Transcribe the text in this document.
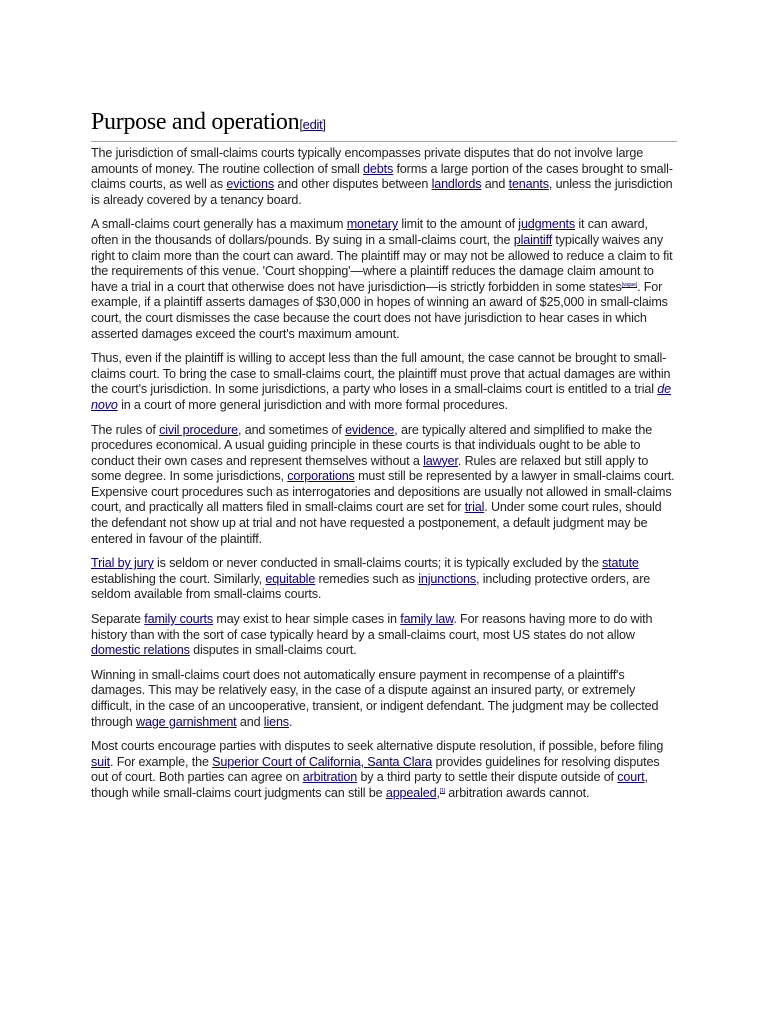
Purpose and operation[edit]

The jurisdiction of small-claims courts typically encompasses private disputes that do not involve large amounts of money. The routine collection of small debts forms a large portion of the cases brought to small-claims courts, as well as evictions and other disputes between landlords and tenants, unless the jurisdiction is already covered by a tenancy board.

A small-claims court generally has a maximum monetary limit to the amount of judgments it can award, often in the thousands of dollars/pounds. By suing in a small-claims court, the plaintiff typically waives any right to claim more than the court can award. The plaintiff may or may not be allowed to reduce a claim to fit the requirements of this venue. 'Court shopping'—where a plaintiff reduces the damage claim amount to have a trial in a court that otherwise does not have jurisdiction—is strictly forbidden in some states[vague]. For example, if a plaintiff asserts damages of $30,000 in hopes of winning an award of $25,000 in small-claims court, the court dismisses the case because the court does not have jurisdiction to hear cases in which asserted damages exceed the court's maximum amount.

Thus, even if the plaintiff is willing to accept less than the full amount, the case cannot be brought to small-claims court. To bring the case to small-claims court, the plaintiff must prove that actual damages are within the court's jurisdiction. In some jurisdictions, a party who loses in a small-claims court is entitled to a trial de novo in a court of more general jurisdiction and with more formal procedures.

The rules of civil procedure, and sometimes of evidence, are typically altered and simplified to make the procedures economical. A usual guiding principle in these courts is that individuals ought to be able to conduct their own cases and represent themselves without a lawyer. Rules are relaxed but still apply to some degree. In some jurisdictions, corporations must still be represented by a lawyer in small-claims court. Expensive court procedures such as interrogatories and depositions are usually not allowed in small-claims court, and practically all matters filed in small-claims court are set for trial. Under some court rules, should the defendant not show up at trial and not have requested a postponement, a default judgment may be entered in favour of the plaintiff.

Trial by jury is seldom or never conducted in small-claims courts; it is typically excluded by the statute establishing the court. Similarly, equitable remedies such as injunctions, including protective orders, are seldom available from small-claims courts.

Separate family courts may exist to hear simple cases in family law. For reasons having more to do with history than with the sort of case typically heard by a small-claims court, most US states do not allow domestic relations disputes in small-claims court.

Winning in small-claims court does not automatically ensure payment in recompense of a plaintiff's damages. This may be relatively easy, in the case of a dispute against an insured party, or extremely difficult, in the case of an uncooperative, transient, or indigent defendant. The judgment may be collected through wage garnishment and liens.

Most courts encourage parties with disputes to seek alternative dispute resolution, if possible, before filing suit. For example, the Superior Court of California, Santa Clara provides guidelines for resolving disputes out of court. Both parties can agree on arbitration by a third party to settle their dispute outside of court, though while small-claims court judgments can still be appealed,[1] arbitration awards cannot.
